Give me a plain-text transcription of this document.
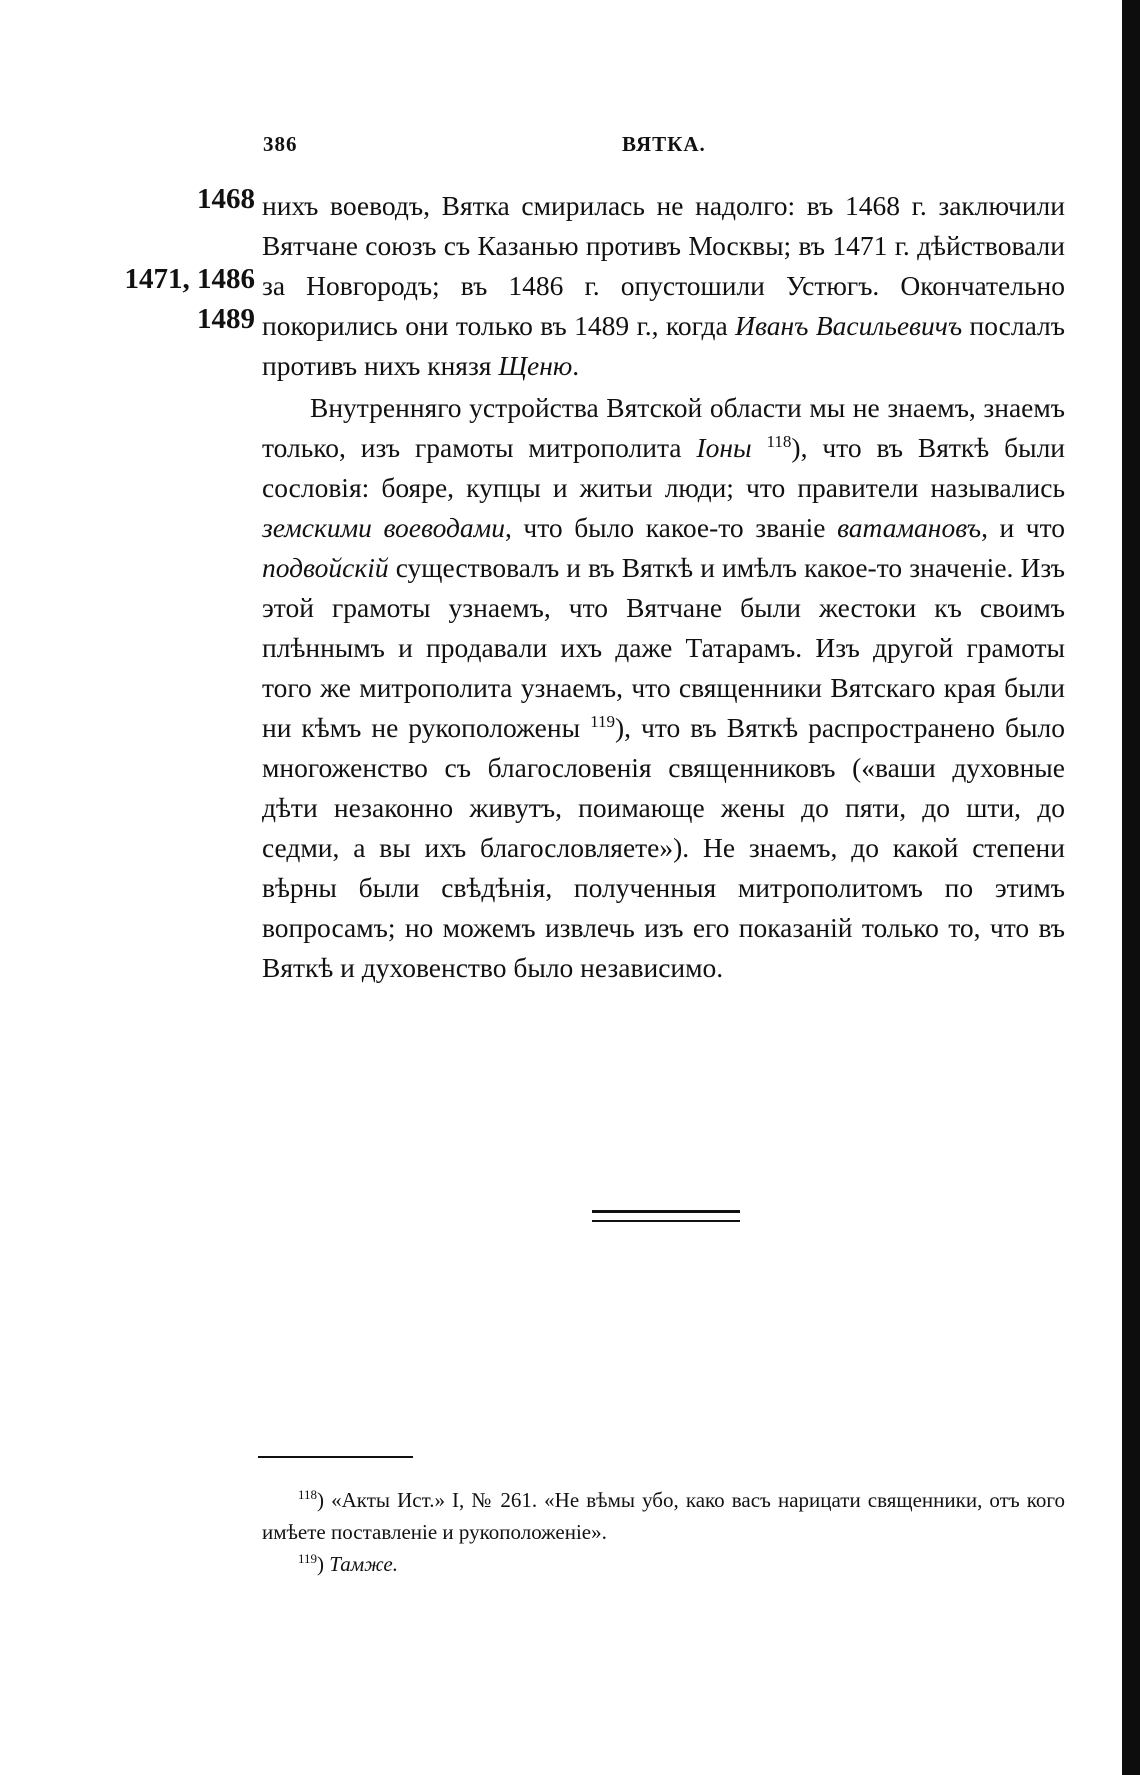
386	ВЯТКА.
1468
1471, 1486
1489

нихъ воеводъ, Вятка смирилась не надолго: въ 1468 г. заключили Вятчане союзъ съ Казанью противъ Москвы; въ 1471 г. дѣйствовали за Новгородъ; въ 1486 г. опустошили Устюгъ. Окончательно покорились они только въ 1489 г., когда Иванъ Васильевичъ послалъ противъ нихъ князя Щеню.

Внутренняго устройства Вятской области мы не знаемъ, знаемъ только, изъ грамоты митрополита Іоны $^{118}$), что въ Вяткѣ были сословія: бояре, купцы и житьи люди; что правители назывались земскими воеводами, что было какое-то званіе ватамановъ, и что подвойскій существовалъ и въ Вяткѣ и имѣлъ какое-то значеніе. Изъ этой грамоты узнаемъ, что Вятчане были жестоки къ своимъ плѣннымъ и продавали ихъ даже Татарамъ. Изъ другой грамоты того же митрополита узнаемъ, что священники Вятскаго края были ни кѣмъ не рукоположены $^{119}$), что въ Вяткѣ распространено было многоженство съ благословенія священниковъ («ваши духовные дѣти незаконно живутъ, поимающе жены до пяти, до шти, до седми, а вы ихъ благословляете»). Не знаемъ, до какой степени вѣрны были свѣдѣнія, полученныя митрополитомъ по этимъ вопросамъ; но можемъ извлечь изъ его показаній только то, что въ Вяткѣ и духовенство было независимо.

$^{118}$) «Акты Ист.» I, № 261. «Не вѣмы убо, како васъ нарицати священники, отъ кого имѣете поставленіе и рукоположеніе».

$^{119}$) Тамже.
